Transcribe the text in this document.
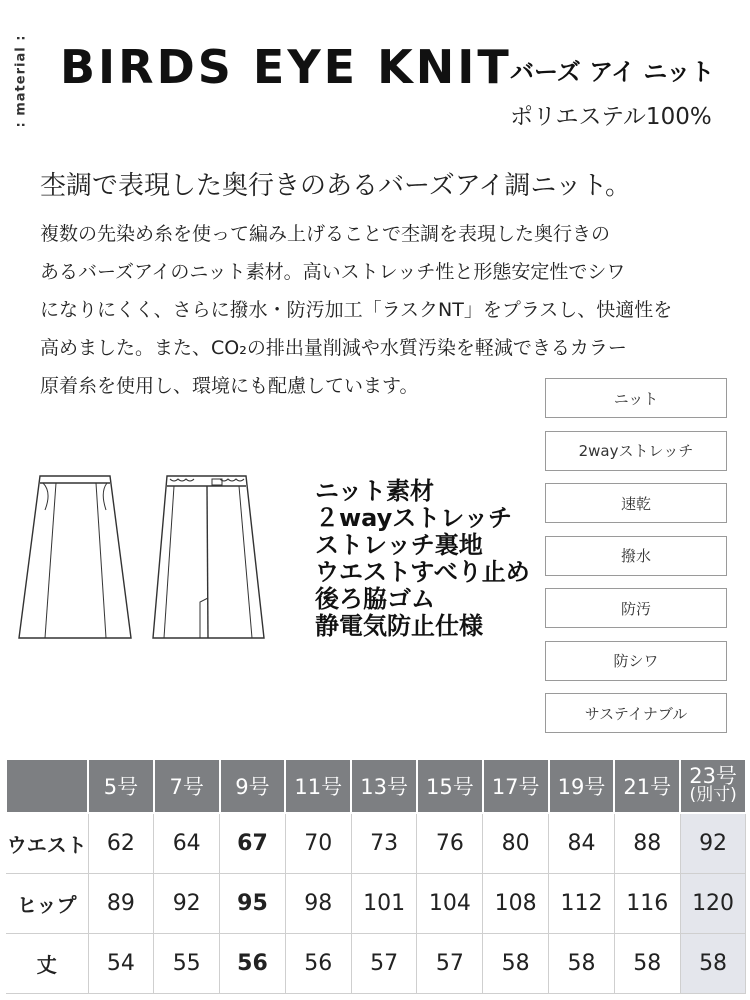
: material : BIRDS EYE KNIT
バーズ アイ ニット
ポリエステル100%
杢調で表現した奥行きのあるバーズアイ調ニット。
複数の先染め糸を使って編み上げることで杢調を表現した奥行きの
あるバーズアイのニット素材。高いストレッチ性と形態安定性でシワ
になりにくく、さらに撥水・防汚加工「ラスクNT」をプラスし、快適性を
高めました。また、CO₂の排出量削減や水質汚染を軽減できるカラー
原着糸を使用し、環境にも配慮しています。
ニット素材
２wayストレッチ
ストレッチ裏地
ウエストすべり止め
後ろ脇ゴム
静電気防止仕様
ニット
2wayストレッチ
速乾
撥水
防汚
防シワ
サステイナブル
	5号	7号	9号	11号	13号	15号	17号	19号	21号	23号
(別寸)

ウエスト	62	64	67	70	73	76	80	84	88	92
ヒップ	89	92	95	98	101	104	108	112	116	120
丈	54	55	56	56	57	57	58	58	58	58
